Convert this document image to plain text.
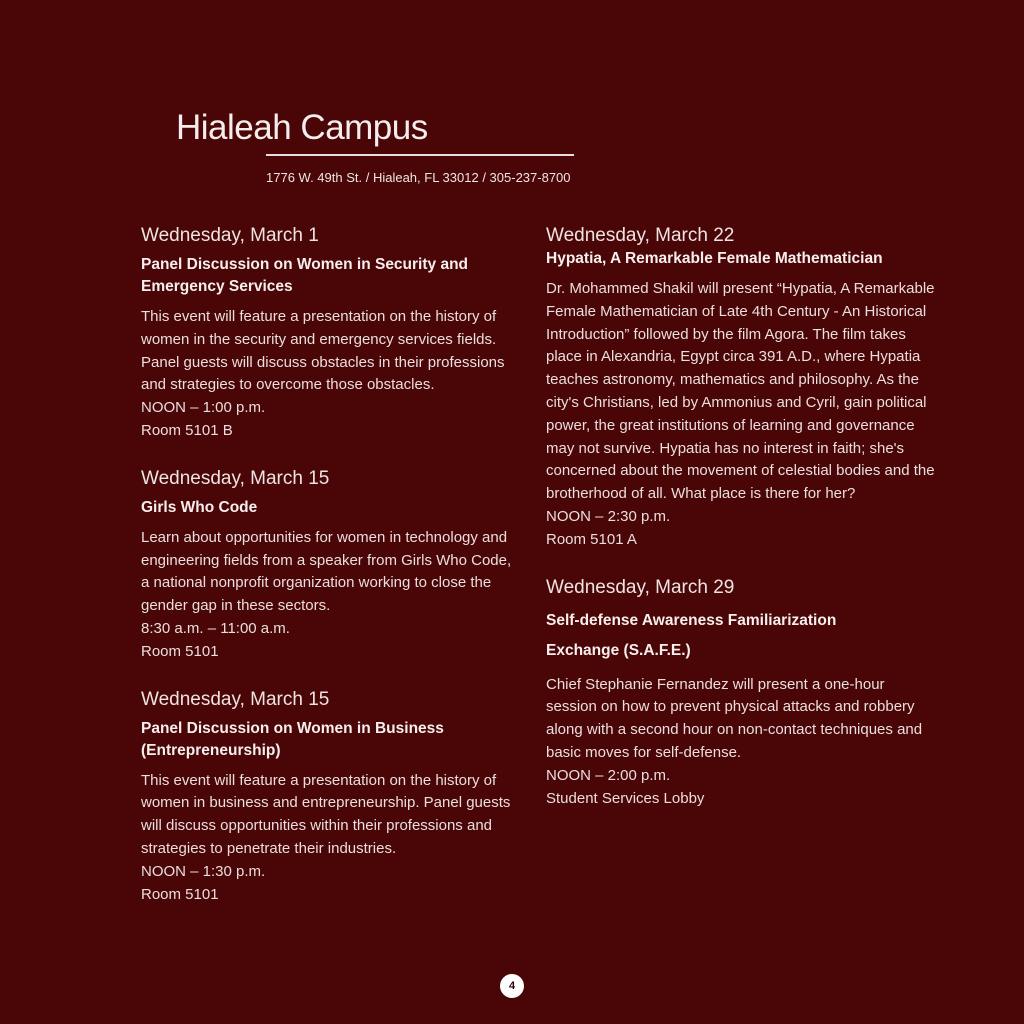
Hialeah Campus
1776 W. 49th St. / Hialeah, FL 33012 / 305-237-8700
Wednesday, March 1
Panel Discussion on Women in Security and Emergency Services
This event will feature a presentation on the history of women in the security and emergency services fields. Panel guests will discuss obstacles in their professions and strategies to overcome those obstacles.
NOON – 1:00 p.m.
Room 5101 B
Wednesday, March 15
Girls Who Code
Learn about opportunities for women in technology and engineering fields from a speaker from Girls Who Code, a national nonprofit organization working to close the gender gap in these sectors.
8:30 a.m. – 11:00 a.m.
Room 5101
Wednesday, March 15
Panel Discussion on Women in Business (Entrepreneurship)
This event will feature a presentation on the history of women in business and entrepreneurship. Panel guests will discuss opportunities within their professions and strategies to penetrate their industries.
NOON – 1:30 p.m.
Room 5101
Wednesday, March 22
Hypatia, A Remarkable Female Mathematician
Dr. Mohammed Shakil will present “Hypatia, A Remarkable Female Mathematician of Late 4th Century - An Historical Introduction” followed by the film Agora. The film takes place in Alexandria, Egypt circa 391 A.D., where Hypatia teaches astronomy, mathematics and philosophy. As the city's Christians, led by Ammonius and Cyril, gain political power, the great institutions of learning and governance may not survive. Hypatia has no interest in faith; she's concerned about the movement of celestial bodies and the brotherhood of all. What place is there for her?
NOON – 2:30 p.m.
Room 5101 A
Wednesday, March 29
Self-defense Awareness Familiarization Exchange (S.A.F.E.)
Chief Stephanie Fernandez will present a one-hour session on how to prevent physical attacks and robbery along with a second hour on non-contact techniques and basic moves for self-defense.
NOON – 2:00 p.m.
Student Services Lobby
4
